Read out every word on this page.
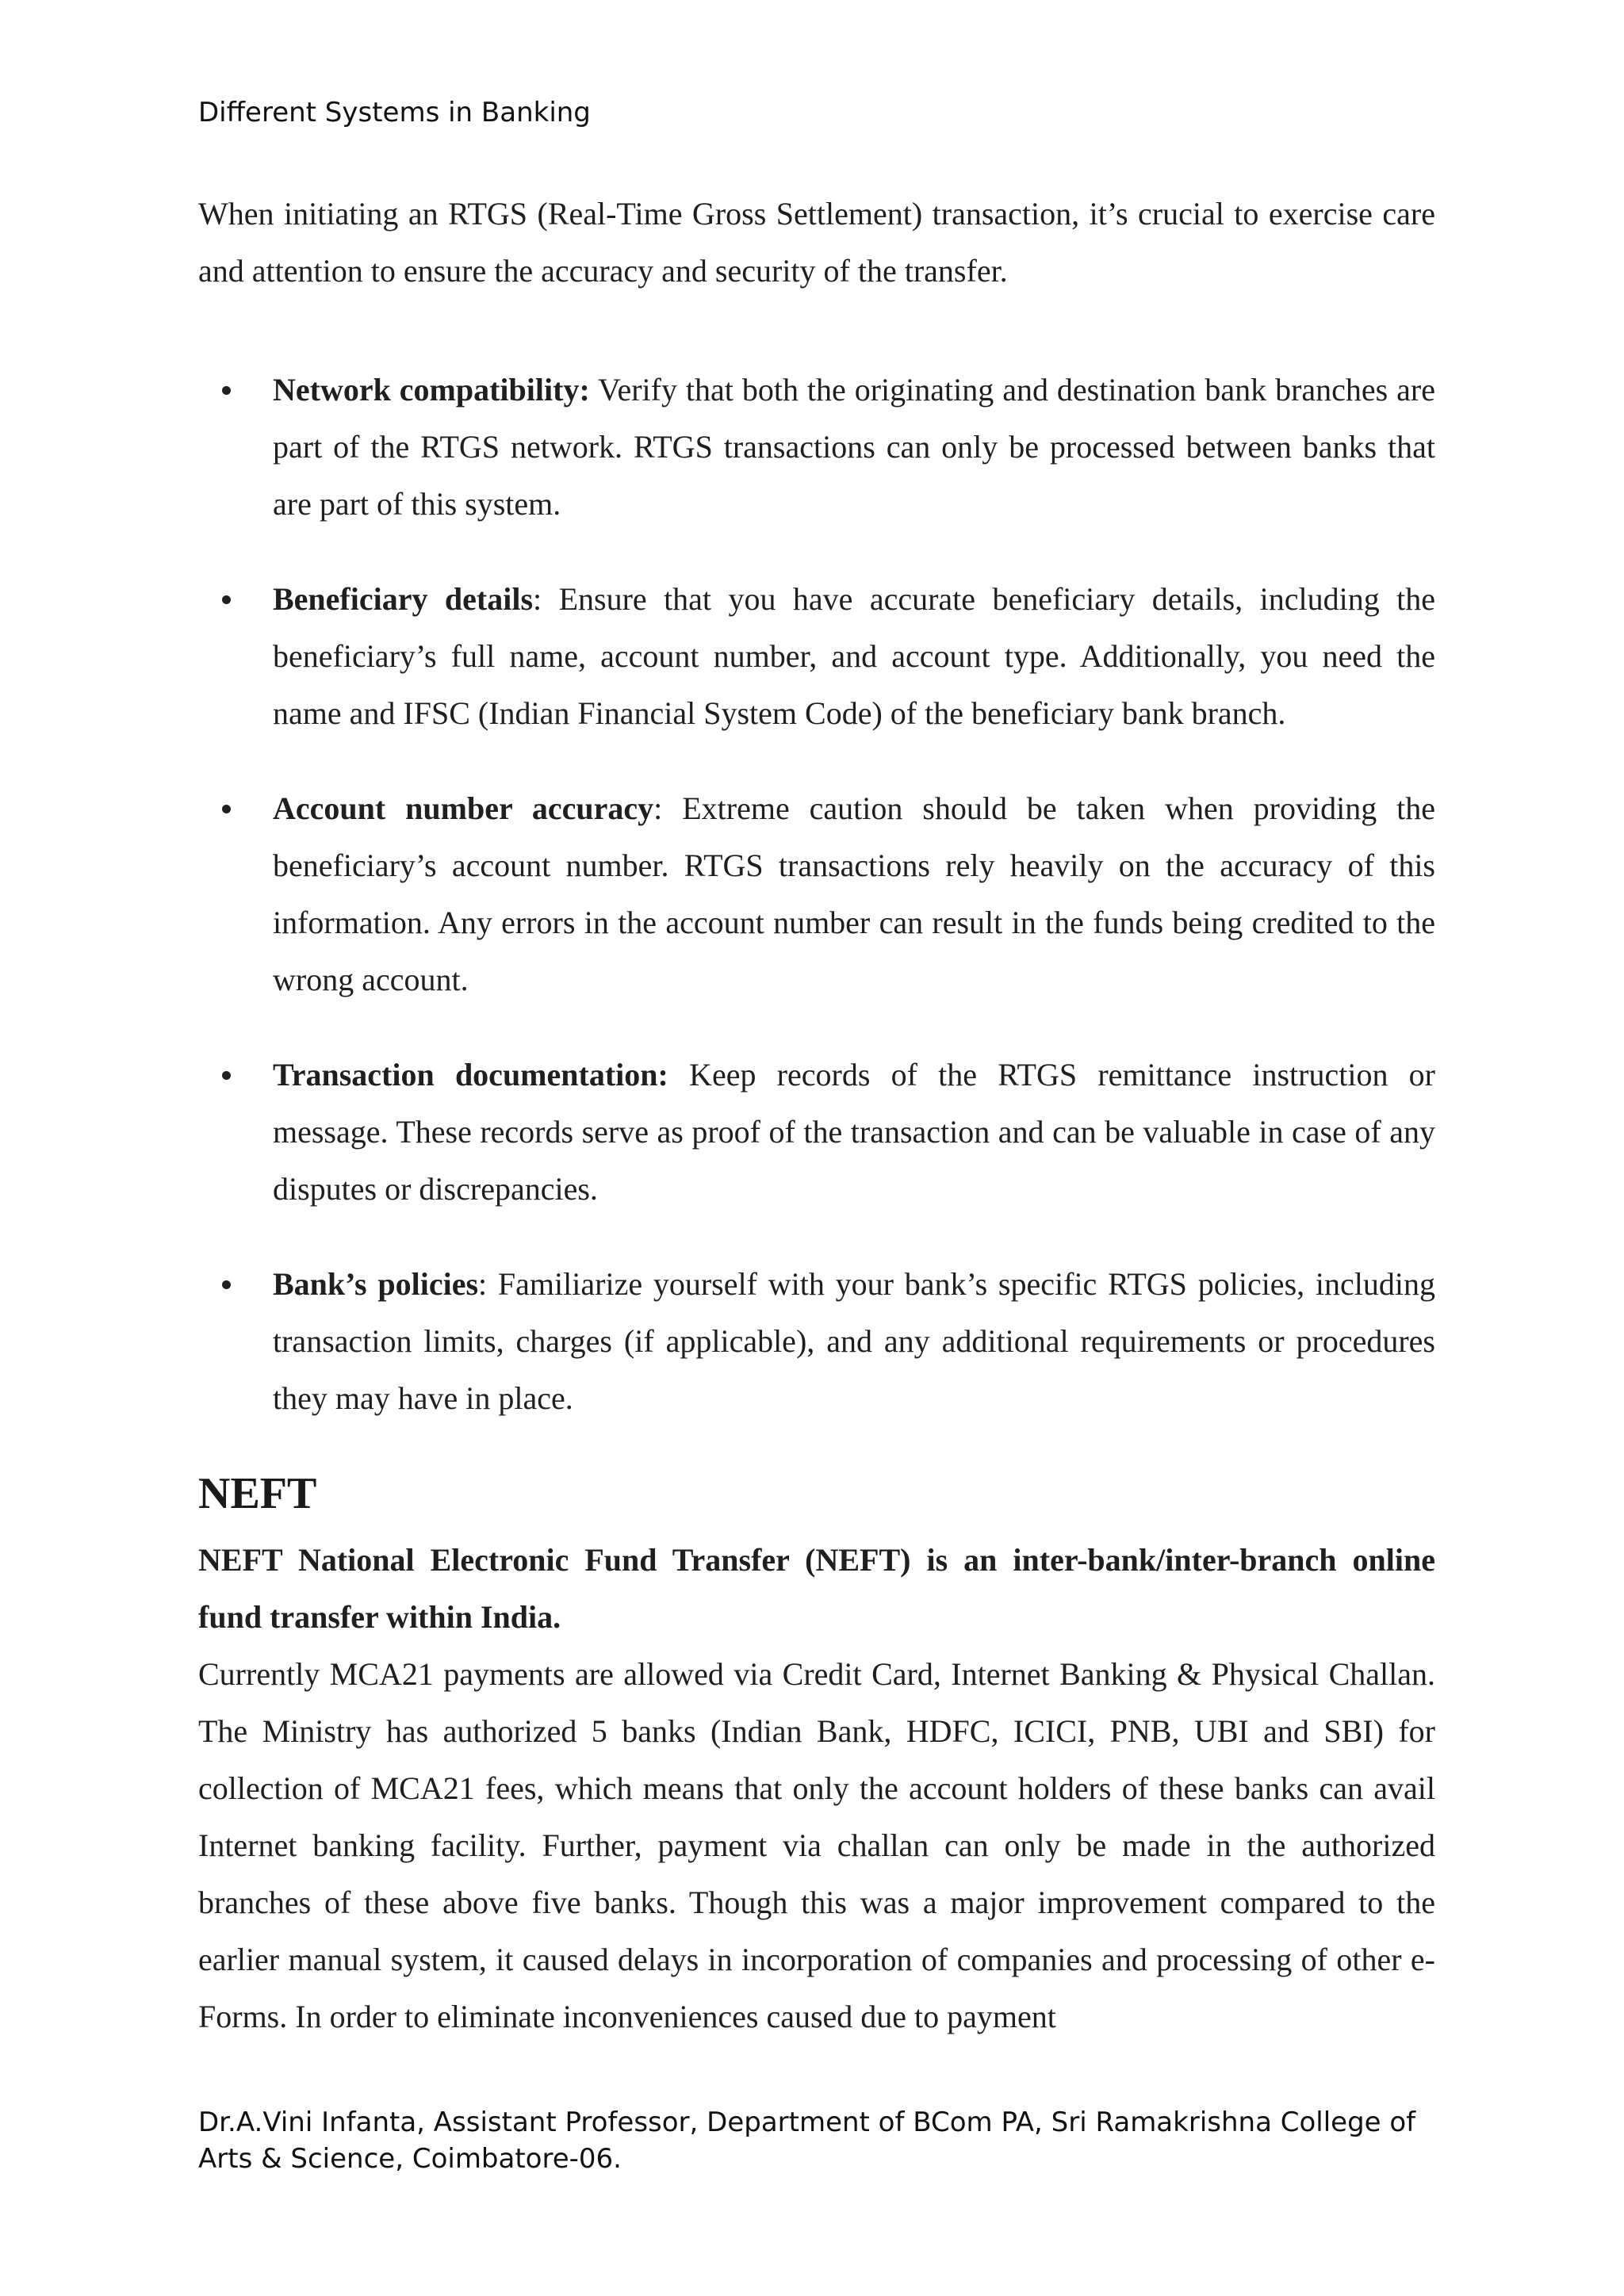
Different Systems in Banking

When initiating an RTGS (Real-Time Gross Settlement) transaction, it’s crucial to exercise care and attention to ensure the accuracy and security of the transfer.

Network compatibility: Verify that both the originating and destination bank branches are part of the RTGS network. RTGS transactions can only be processed between banks that are part of this system.
Beneficiary details: Ensure that you have accurate beneficiary details, including the beneficiary’s full name, account number, and account type. Additionally, you need the name and IFSC (Indian Financial System Code) of the beneficiary bank branch.
Account number accuracy: Extreme caution should be taken when providing the beneficiary’s account number. RTGS transactions rely heavily on the accuracy of this information. Any errors in the account number can result in the funds being credited to the wrong account.
Transaction documentation: Keep records of the RTGS remittance instruction or message. These records serve as proof of the transaction and can be valuable in case of any disputes or discrepancies.
Bank’s policies: Familiarize yourself with your bank’s specific RTGS policies, including transaction limits, charges (if applicable), and any additional requirements or procedures they may have in place.
NEFT

NEFT National Electronic Fund Transfer (NEFT) is an inter-bank/inter-branch online fund transfer within India.

Currently MCA21 payments are allowed via Credit Card, Internet Banking & Physical Challan. The Ministry has authorized 5 banks (Indian Bank, HDFC, ICICI, PNB, UBI and SBI) for collection of MCA21 fees, which means that only the account holders of these banks can avail Internet banking facility. Further, payment via challan can only be made in the authorized branches of these above five banks. Though this was a major improvement compared to the earlier manual system, it caused delays in incorporation of companies and processing of other e-Forms. In order to eliminate inconveniences caused due to payment

Dr.A.Vini Infanta, Assistant Professor, Department of BCom PA, Sri Ramakrishna College of Arts & Science, Coimbatore-06.
